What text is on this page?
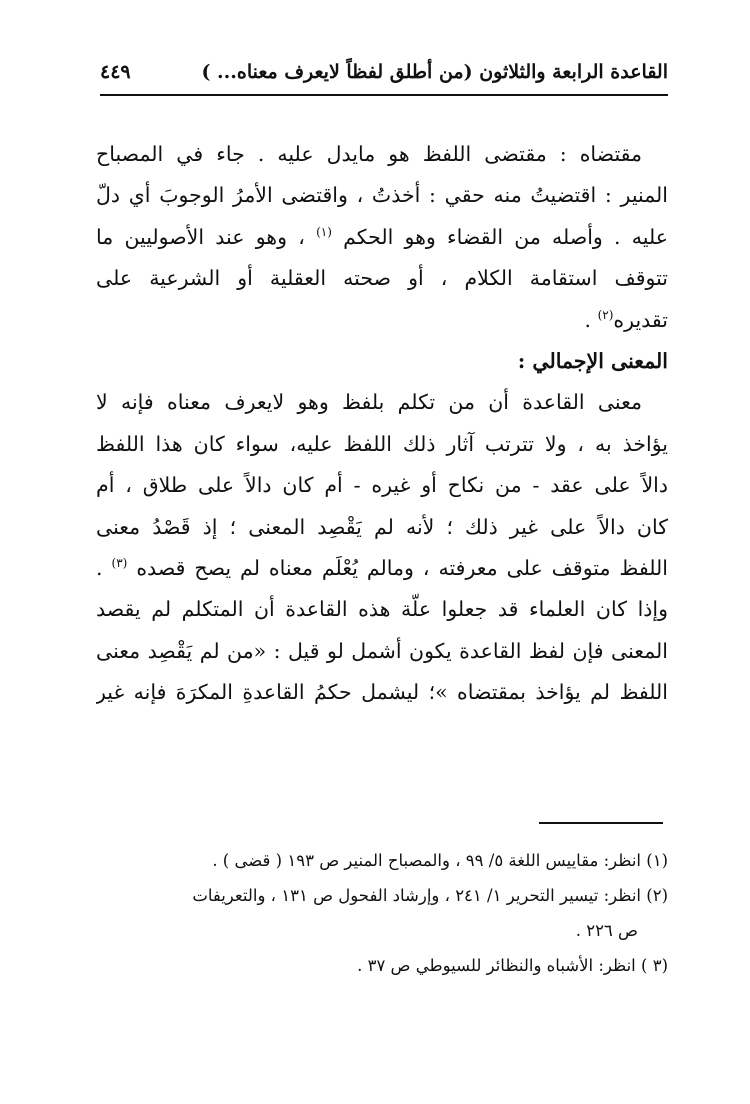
القاعدة الرابعة والثلاثون (من أطلق لفظاً لايعرف معناه... )
٤٤٩
مقتضاه : مقتضى اللفظ هو مايدل عليه . جاء في المصباح
المنير : اقتضيتُ منه حقي : أخذتُ ، واقتضى الأمرُ الوجوبَ أي دلّ
عليه . وأصله من القضاء وهو الحكم $^{(١)}$ ، وهو عند الأصوليين ما
تتوقف استقامة الكلام ، أو صحته العقلية أو الشرعية على
تقديره$^{(٢)}$ .
المعنى الإجمالي :
معنى القاعدة أن من تكلم بلفظ وهو لايعرف معناه فإنه لا
يؤاخذ به ، ولا تترتب آثار ذلك اللفظ عليه، سواء كان هذا اللفظ
دالاً على عقد - من نكاح أو غيره - أم كان دالاً على طلاق ، أم
كان دالاً على غير ذلك ؛ لأنه لم يَقْصِد المعنى ؛ إذ قَصْدُ معنى
اللفظ متوقف على معرفته ، ومالم يُعْلَم معناه لم يصح قصده $^{(٣)}$ .
وإذا كان العلماء قد جعلوا علّة هذه القاعدة أن المتكلم لم يقصد
المعنى فإن لفظ القاعدة يكون أشمل لو قيل : «من لم يَقْصِد معنى
اللفظ لم يؤاخذ بمقتضاه »؛ ليشمل حكمُ القاعدةِ المكرَهَ فإنه غير
(١) انظر: مقاييس اللغة ٥/ ٩٩ ، والمصباح المنير ص ١٩٣ ( قضى ) .
(٢) انظر: تيسير التحرير ١/ ٢٤١ ، وإرشاد الفحول ص ١٣١ ، والتعريفات
ص ٢٢٦ .
(٣ ) انظر: الأشباه والنظائر للسيوطي ص ٣٧ .
